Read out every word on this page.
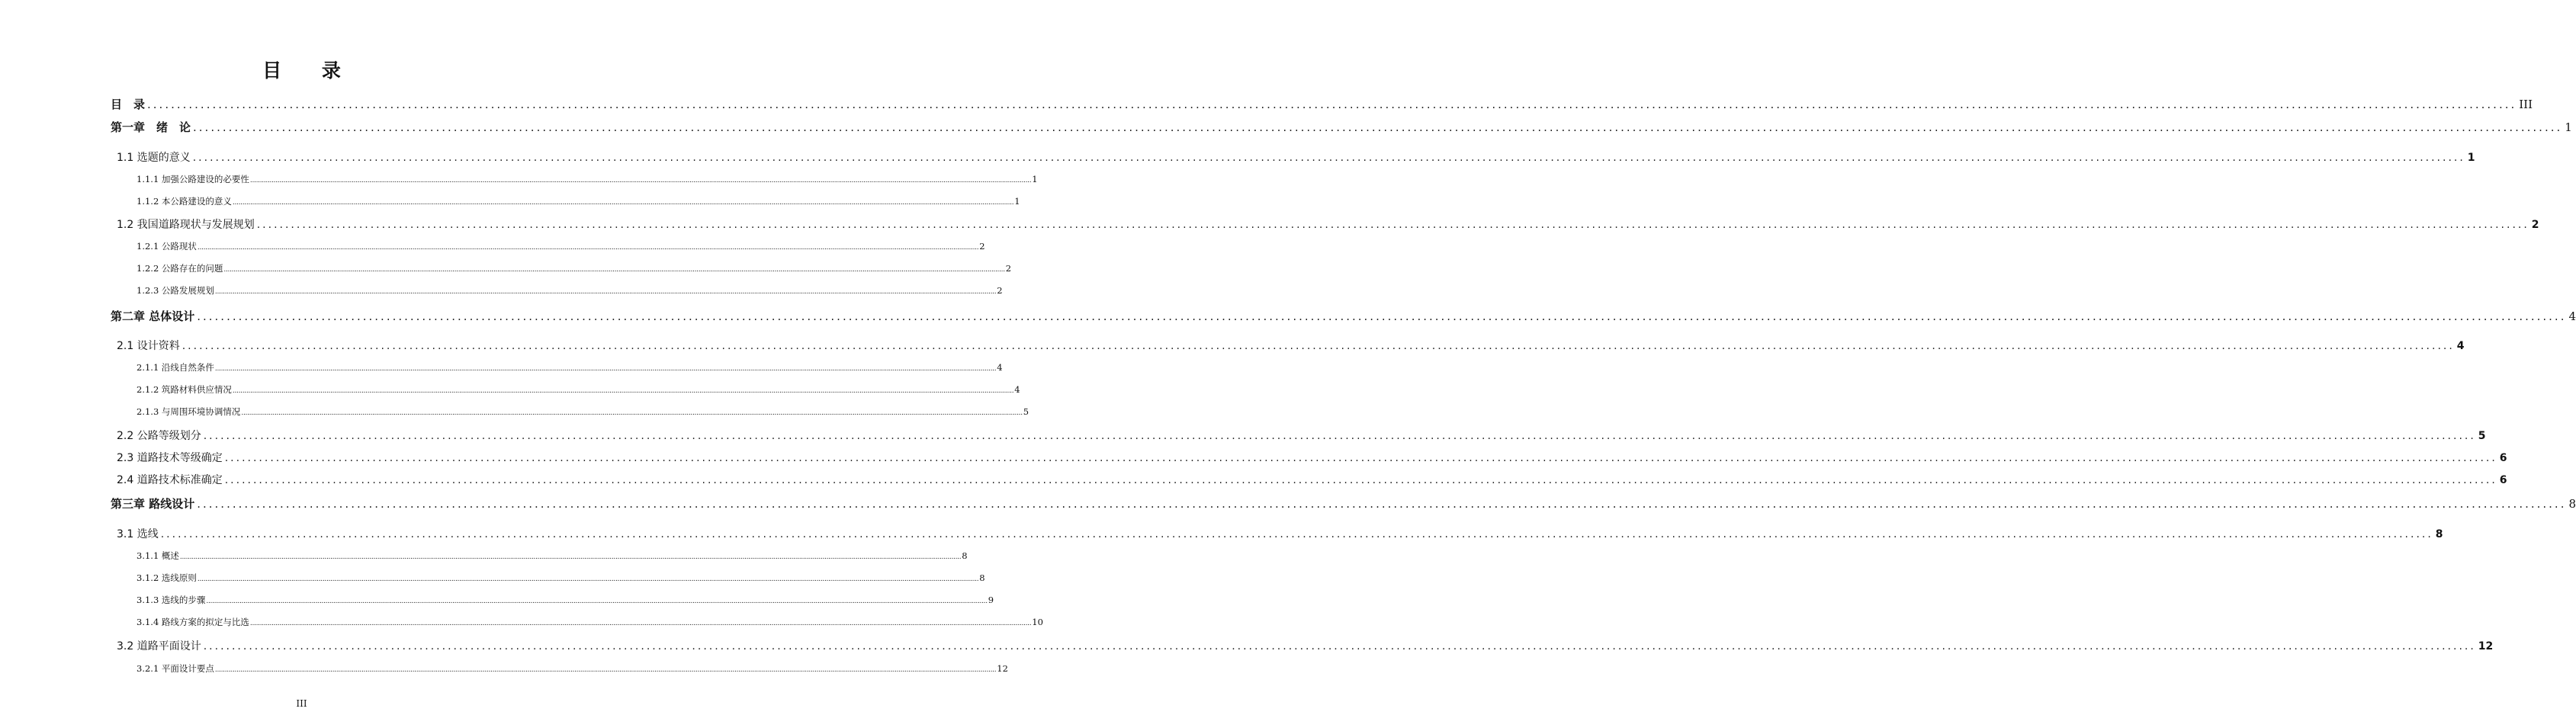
目 录
目　录 ................................................................................................................................................................................................................................................................................................................................................................................................................ III
第一章　绪　论 ................................................................................................................................................................................................................................................................................................................................................................................................................ 1
1.1 选题的意义 ................................................................................................................................................................................................................................................................................................................................................................................................................ 1
1.1.1 加强公路建设的必要性 ................................................................................................................................................................................................................................................................................................................................................................................................................ 1
1.1.2 本公路建设的意义 ................................................................................................................................................................................................................................................................................................................................................................................................................ 1
1.2 我国道路现状与发展规划 ................................................................................................................................................................................................................................................................................................................................................................................................................ 2
1.2.1 公路现状 ................................................................................................................................................................................................................................................................................................................................................................................................................ 2
1.2.2 公路存在的问题 ................................................................................................................................................................................................................................................................................................................................................................................................................ 2
1.2.3 公路发展规划 ................................................................................................................................................................................................................................................................................................................................................................................................................ 2
第二章 总体设计 ................................................................................................................................................................................................................................................................................................................................................................................................................ 4
2.1 设计资料 ................................................................................................................................................................................................................................................................................................................................................................................................................ 4
2.1.1 沿线自然条件 ................................................................................................................................................................................................................................................................................................................................................................................................................ 4
2.1.2 筑路材料供应情况 ................................................................................................................................................................................................................................................................................................................................................................................................................ 4
2.1.3 与周围环境协调情况 ................................................................................................................................................................................................................................................................................................................................................................................................................ 5
2.2 公路等级划分 ................................................................................................................................................................................................................................................................................................................................................................................................................ 5
2.3 道路技术等级确定 ................................................................................................................................................................................................................................................................................................................................................................................................................ 6
2.4 道路技术标准确定 ................................................................................................................................................................................................................................................................................................................................................................................................................ 6
第三章 路线设计 ................................................................................................................................................................................................................................................................................................................................................................................................................ 8
3.1 选线 ................................................................................................................................................................................................................................................................................................................................................................................................................ 8
3.1.1 概述 ................................................................................................................................................................................................................................................................................................................................................................................................................ 8
3.1.2 选线原则 ................................................................................................................................................................................................................................................................................................................................................................................................................ 8
3.1.3 选线的步骤 ................................................................................................................................................................................................................................................................................................................................................................................................................ 9
3.1.4 路线方案的拟定与比选 ................................................................................................................................................................................................................................................................................................................................................................................................................ 10
3.2 道路平面设计 ................................................................................................................................................................................................................................................................................................................................................................................................................ 12
3.2.1 平面设计要点 ................................................................................................................................................................................................................................................................................................................................................................................................................ 12
III
